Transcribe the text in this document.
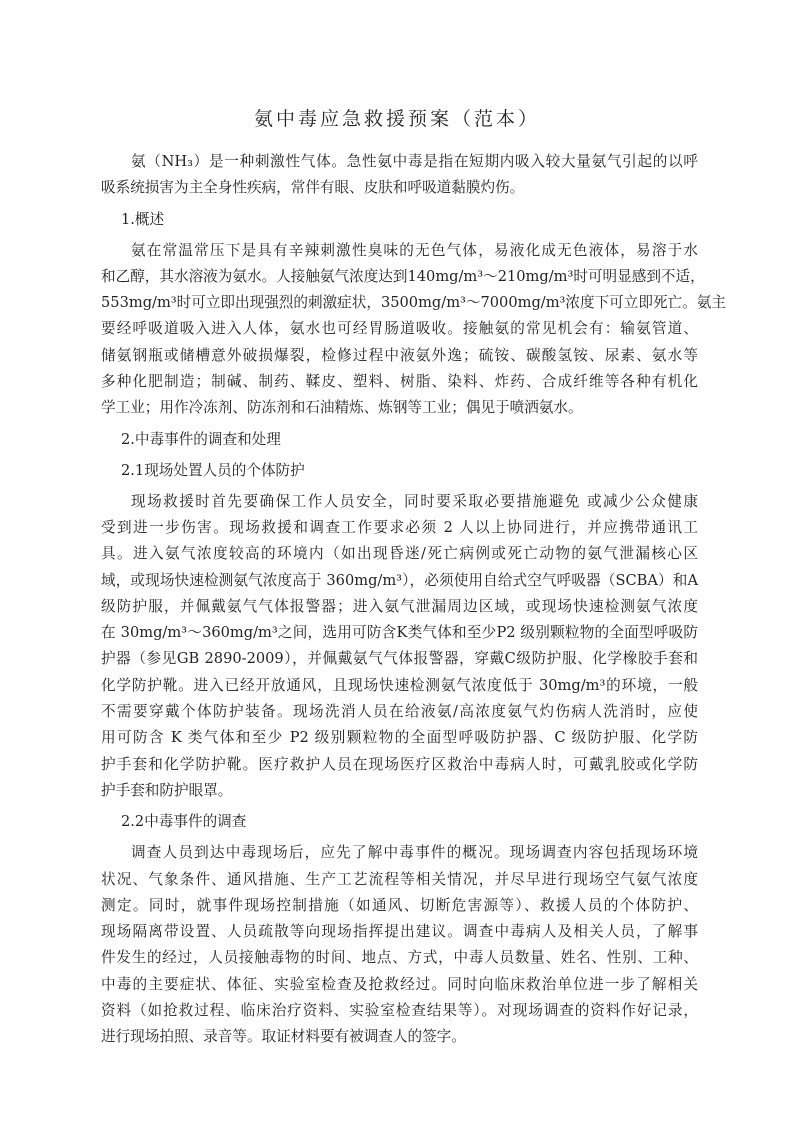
氨中毒应急救援预案（范本）
氨（NH₃）是一种刺激性气体。急性氨中毒是指在短期内吸入较大量氨气引起的以呼
吸系统损害为主全身性疾病，常伴有眼、皮肤和呼吸道黏膜灼伤。
1.概述
氨在常温常压下是具有辛辣刺激性臭味的无色气体，易液化成无色液体，易溶于水
和乙醇，其水溶液为氨水。人接触氨气浓度达到140mg/m³～210mg/m³时可明显感到不适，
553mg/m³时可立即出现强烈的刺激症状，3500mg/m³～7000mg/m³浓度下可立即死亡。氨主
要经呼吸道吸入进入人体，氨水也可经胃肠道吸收。接触氨的常见机会有：输氨管道、
储氨钢瓶或储槽意外破损爆裂，检修过程中液氨外逸；硫铵、碳酸氢铵、尿素、氨水等
多种化肥制造；制碱、制药、鞣皮、塑料、树脂、染料、炸药、合成纤维等各种有机化
学工业；用作冷冻剂、防冻剂和石油精炼、炼钢等工业；偶见于喷洒氨水。
2.中毒事件的调查和处理
2.1现场处置人员的个体防护
现场救援时首先要确保工作人员安全，同时要采取必要措施避免 或减少公众健康
受到进一步伤害。现场救援和调查工作要求必须 2 人以上协同进行，并应携带通讯工
具。进入氨气浓度较高的环境内（如出现昏迷/死亡病例或死亡动物的氨气泄漏核心区
域，或现场快速检测氨气浓度高于 360mg/m³），必须使用自给式空气呼吸器（SCBA）和A
级防护服，并佩戴氨气气体报警器；进入氨气泄漏周边区域，或现场快速检测氨气浓度
在 30mg/m³～360mg/m³之间，选用可防含K类气体和至少P2 级别颗粒物的全面型呼吸防
护器（参见GB 2890-2009），并佩戴氨气气体报警器，穿戴C级防护服、化学橡胶手套和
化学防护靴。进入已经开放通风，且现场快速检测氨气浓度低于 30mg/m³的环境，一般
不需要穿戴个体防护装备。现场洗消人员在给液氨/高浓度氨气灼伤病人洗消时，应使
用可防含 K 类气体和至少 P2 级别颗粒物的全面型呼吸防护器、C 级防护服、化学防
护手套和化学防护靴。医疗救护人员在现场医疗区救治中毒病人时，可戴乳胶或化学防
护手套和防护眼罩。
2.2中毒事件的调查
调查人员到达中毒现场后，应先了解中毒事件的概况。现场调查内容包括现场环境
状况、气象条件、通风措施、生产工艺流程等相关情况，并尽早进行现场空气氨气浓度
测定。同时，就事件现场控制措施（如通风、切断危害源等）、救援人员的个体防护、
现场隔离带设置、人员疏散等向现场指挥提出建议。调查中毒病人及相关人员，了解事
件发生的经过，人员接触毒物的时间、地点、方式，中毒人员数量、姓名、性别、工种、
中毒的主要症状、体征、实验室检查及抢救经过。同时向临床救治单位进一步了解相关
资料（如抢救过程、临床治疗资料、实验室检查结果等）。对现场调查的资料作好记录，
进行现场拍照、录音等。取证材料要有被调查人的签字。
